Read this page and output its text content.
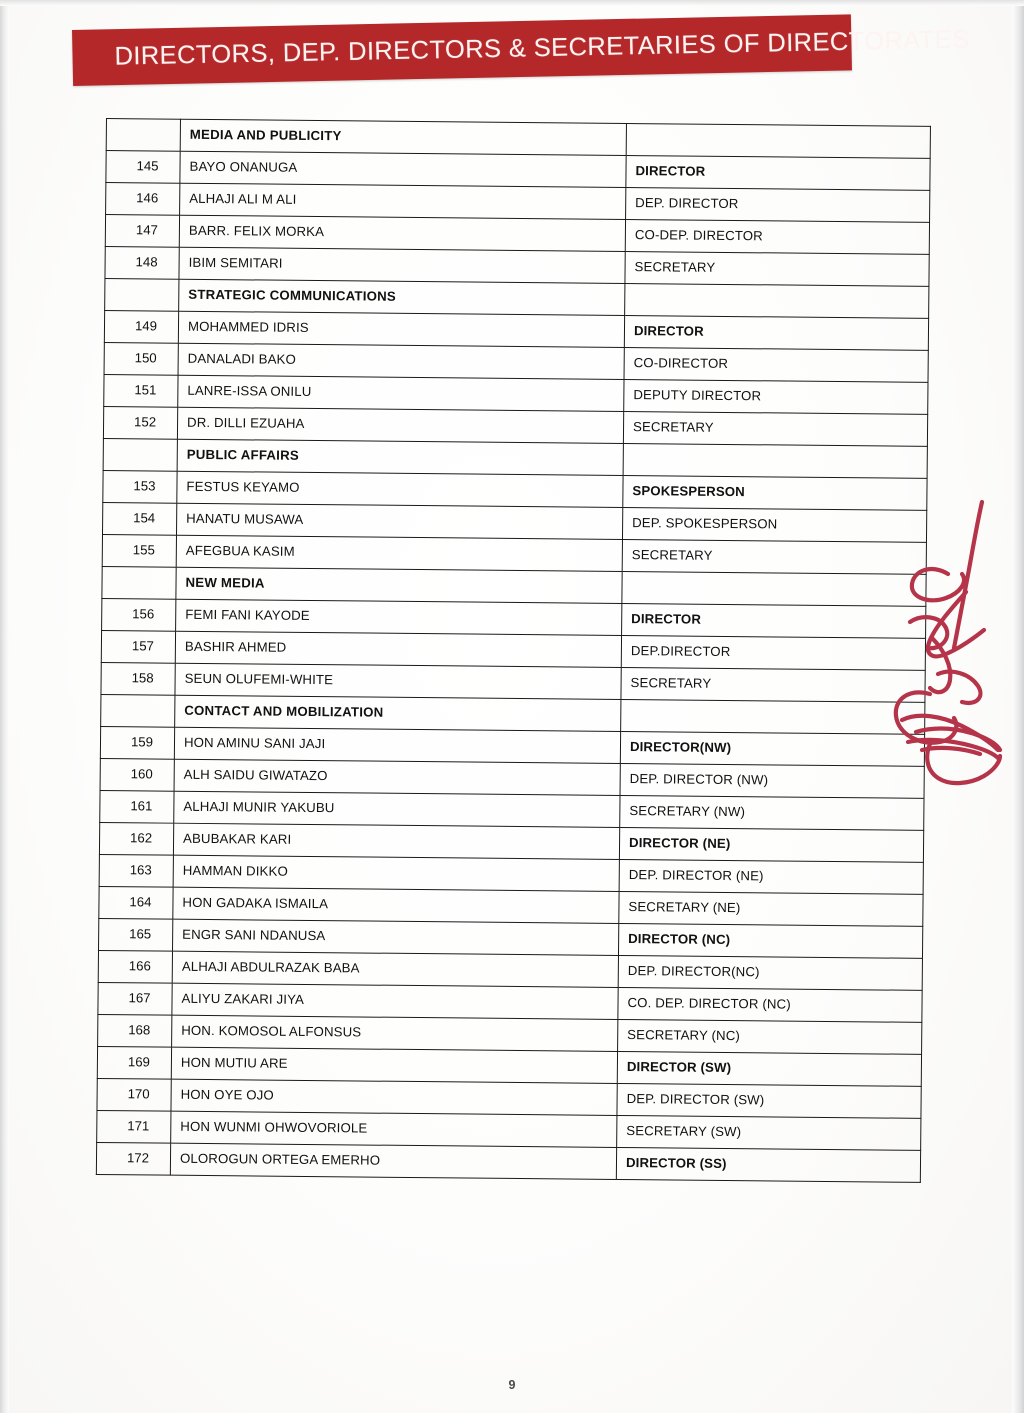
DIRECTORS, DEP. DIRECTORS & SECRETARIES OF DIRECTORATES
	MEDIA AND PUBLICITY	
145	BAYO ONANUGA	DIRECTOR
146	ALHAJI ALI M ALI	DEP. DIRECTOR
147	BARR. FELIX MORKA	CO-DEP. DIRECTOR
148	IBIM SEMITARI	SECRETARY
	STRATEGIC COMMUNICATIONS	
149	MOHAMMED IDRIS	DIRECTOR
150	DANALADI BAKO	CO-DIRECTOR
151	LANRE-ISSA ONILU	DEPUTY DIRECTOR
152	DR. DILLI EZUAHA	SECRETARY
	PUBLIC AFFAIRS	
153	FESTUS KEYAMO	SPOKESPERSON
154	HANATU MUSAWA	DEP. SPOKESPERSON
155	AFEGBUA KASIM	SECRETARY
	NEW MEDIA	
156	FEMI FANI KAYODE	DIRECTOR
157	BASHIR AHMED	DEP.DIRECTOR
158	SEUN OLUFEMI-WHITE	SECRETARY
	CONTACT AND MOBILIZATION	
159	HON AMINU SANI JAJI	DIRECTOR(NW)
160	ALH SAIDU GIWATAZO	DEP. DIRECTOR (NW)
161	ALHAJI MUNIR YAKUBU	SECRETARY (NW)
162	ABUBAKAR KARI	DIRECTOR (NE)
163	HAMMAN DIKKO	DEP. DIRECTOR (NE)
164	HON GADAKA ISMAILA	SECRETARY (NE)
165	ENGR SANI NDANUSA	DIRECTOR (NC)
166	ALHAJI ABDULRAZAK BABA	DEP. DIRECTOR(NC)
167	ALIYU ZAKARI JIYA	CO. DEP. DIRECTOR (NC)
168	HON. KOMOSOL ALFONSUS	SECRETARY (NC)
169	HON MUTIU ARE	DIRECTOR (SW)
170	HON OYE OJO	DEP. DIRECTOR (SW)
171	HON WUNMI OHWOVORIOLE	SECRETARY (SW)
172	OLOROGUN ORTEGA EMERHO	DIRECTOR (SS)
9
